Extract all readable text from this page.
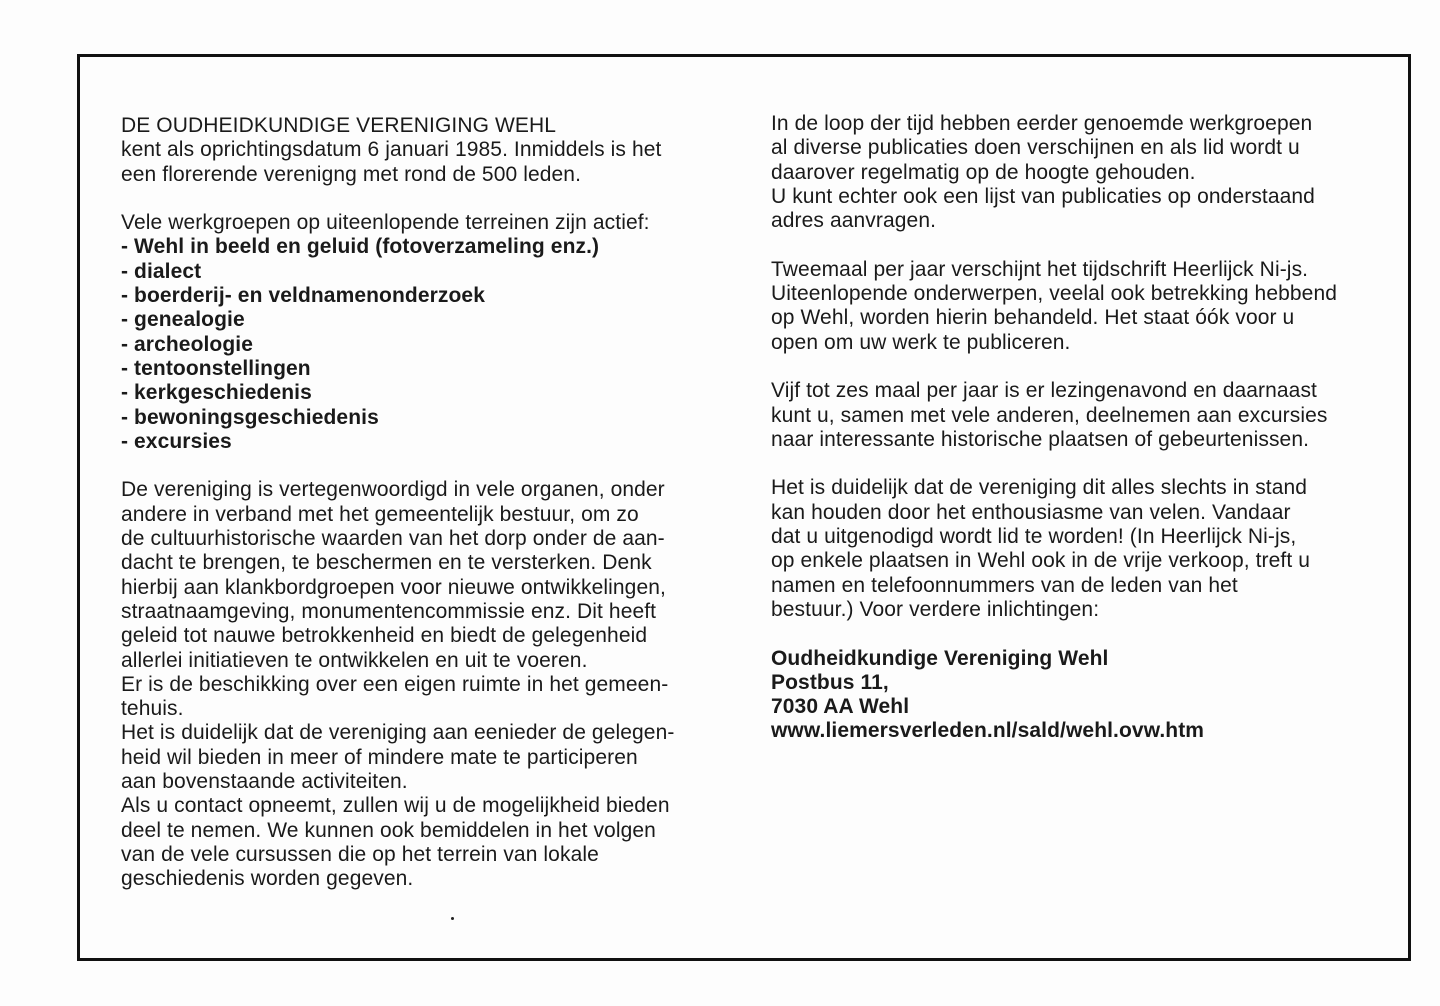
DE OUDHEIDKUNDIGE VERENIGING WEHL
kent als oprichtingsdatum 6 januari 1985. Inmiddels is het
een florerende verenigng met rond de 500 leden.
Vele werkgroepen op uiteenlopende terreinen zijn actief:
- Wehl in beeld en geluid (fotoverzameling enz.)
- dialect
- boerderij- en veldnamenonderzoek
- genealogie
- archeologie
- tentoonstellingen
- kerkgeschiedenis
- bewoningsgeschiedenis
- excursies
De vereniging is vertegenwoordigd in vele organen, onder
andere in verband met het gemeentelijk bestuur, om zo
de cultuurhistorische waarden van het dorp onder de aan-
dacht te brengen, te beschermen en te versterken. Denk
hierbij aan klankbordgroepen voor nieuwe ontwikkelingen,
straatnaamgeving, monumentencommissie enz. Dit heeft
geleid tot nauwe betrokkenheid en biedt de gelegenheid
allerlei initiatieven te ontwikkelen en uit te voeren.
Er is de beschikking over een eigen ruimte in het gemeen-
tehuis.
Het is duidelijk dat de vereniging aan eenieder de gelegen-
heid wil bieden in meer of mindere mate te participeren
aan bovenstaande activiteiten.
Als u contact opneemt, zullen wij u de mogelijkheid bieden
deel te nemen. We kunnen ook bemiddelen in het volgen
van de vele cursussen die op het terrein van lokale
geschiedenis worden gegeven.
In de loop der tijd hebben eerder genoemde werkgroepen
al diverse publicaties doen verschijnen en als lid wordt u
daarover regelmatig op de hoogte gehouden.
U kunt echter ook een lijst van publicaties op onderstaand
adres aanvragen.
Tweemaal per jaar verschijnt het tijdschrift Heerlijck Ni-js.
Uiteenlopende onderwerpen, veelal ook betrekking hebbend
op Wehl, worden hierin behandeld. Het staat óók voor u
open om uw werk te publiceren.
Vijf tot zes maal per jaar is er lezingenavond en daarnaast
kunt u, samen met vele anderen, deelnemen aan excursies
naar interessante historische plaatsen of gebeurtenissen.
Het is duidelijk dat de vereniging dit alles slechts in stand
kan houden door het enthousiasme van velen. Vandaar
dat u uitgenodigd wordt lid te worden! (In Heerlijck Ni-js,
op enkele plaatsen in Wehl ook in de vrije verkoop, treft u
namen en telefoonnummers van de leden van het
bestuur.) Voor verdere inlichtingen:
Oudheidkundige Vereniging Wehl
Postbus 11,
7030 AA Wehl
www.liemersverleden.nl/sald/wehl.ovw.htm
